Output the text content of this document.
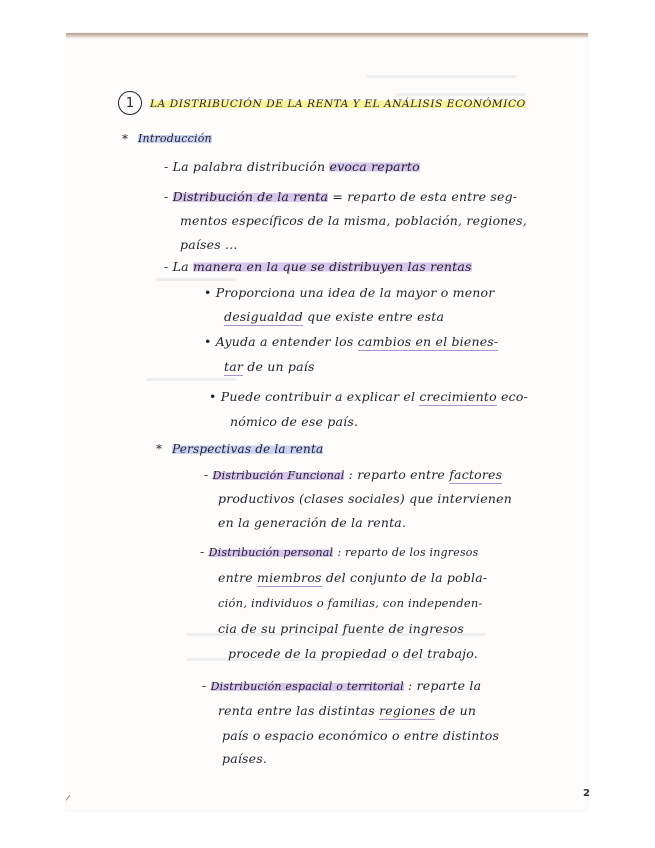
1 LA DISTRIBUCIÓN DE LA RENTA Y EL ANÁLISIS ECONÓMICO
* Introducción
- La palabra distribución evoca reparto
- Distribución de la renta = reparto de esta entre seg-
mentos específicos de la misma, población, regiones,
países ...
- La manera en la que se distribuyen las rentas
• Proporciona una idea de la mayor o menor
desigualdad que existe entre esta
• Ayuda a entender los cambios en el bienes-
tar de un país
• Puede contribuir a explicar el crecimiento eco-
nómico de ese país.
* Perspectivas de la renta
- Distribución Funcional : reparto entre factores
productivos (clases sociales) que intervienen
en la generación de la renta.
- Distribución personal : reparto de los ingresos
entre miembros del conjunto de la pobla-
ción, individuos o familias, con independen-
cia de su principal fuente de ingresos
procede de la propiedad o del trabajo.
- Distribución espacial o territorial : reparte la
renta entre las distintas regiones de un
país o espacio económico o entre distintos
países.
2
